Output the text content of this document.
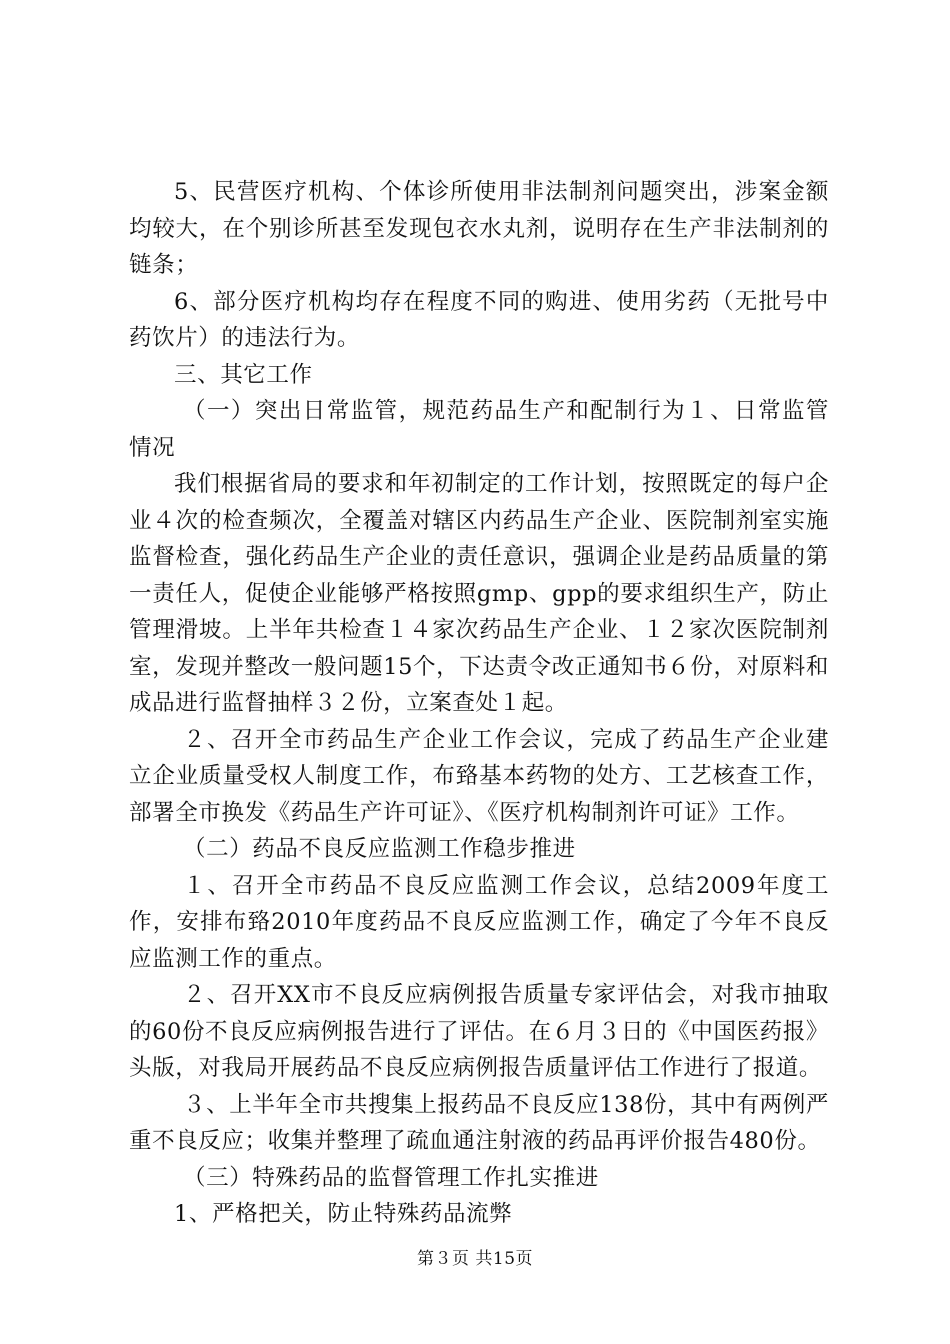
5、民营医疗机构、个体诊所使用非法制剂问题突出，涉案金额均较大，在个别诊所甚至发现包衣水丸剂，说明存在生产非法制剂的链条；

6、部分医疗机构均存在程度不同的购进、使用劣药（无批号中药饮片）的违法行为。

三、其它工作

（一）突出日常监管，规范药品生产和配制行为１、日常监管情况

我们根据省局的要求和年初制定的工作计划，按照既定的每户企业４次的检查频次，全覆盖对辖区内药品生产企业、医院制剂室实施监督检查，强化药品生产企业的责任意识，强调企业是药品质量的第一责任人，促使企业能够严格按照gmp、gpp的要求组织生产，防止管理滑坡。上半年共检查１４家次药品生产企业、１２家次医院制剂室，发现并整改一般问题15个，下达责令改正通知书６份，对原料和成品进行监督抽样３２份，立案查处１起。

２、召开全市药品生产企业工作会议，完成了药品生产企业建立企业质量受权人制度工作，布臵基本药物的处方、工艺核查工作，部署全市换发《药品生产许可证》、《医疗机构制剂许可证》工作。

（二）药品不良反应监测工作稳步推进

１、召开全市药品不良反应监测工作会议，总结2009年度工作，安排布臵2010年度药品不良反应监测工作，确定了今年不良反应监测工作的重点。

２、召开XX市不良反应病例报告质量专家评估会，对我市抽取的60份不良反应病例报告进行了评估。在６月３日的《中国医药报》头版，对我局开展药品不良反应病例报告质量评估工作进行了报道。

３、上半年全市共搜集上报药品不良反应138份，其中有两例严重不良反应；收集并整理了疏血通注射液的药品再评价报告480份。

（三）特殊药品的监督管理工作扎实推进

1、严格把关，防止特殊药品流弊

第３页 共15页
